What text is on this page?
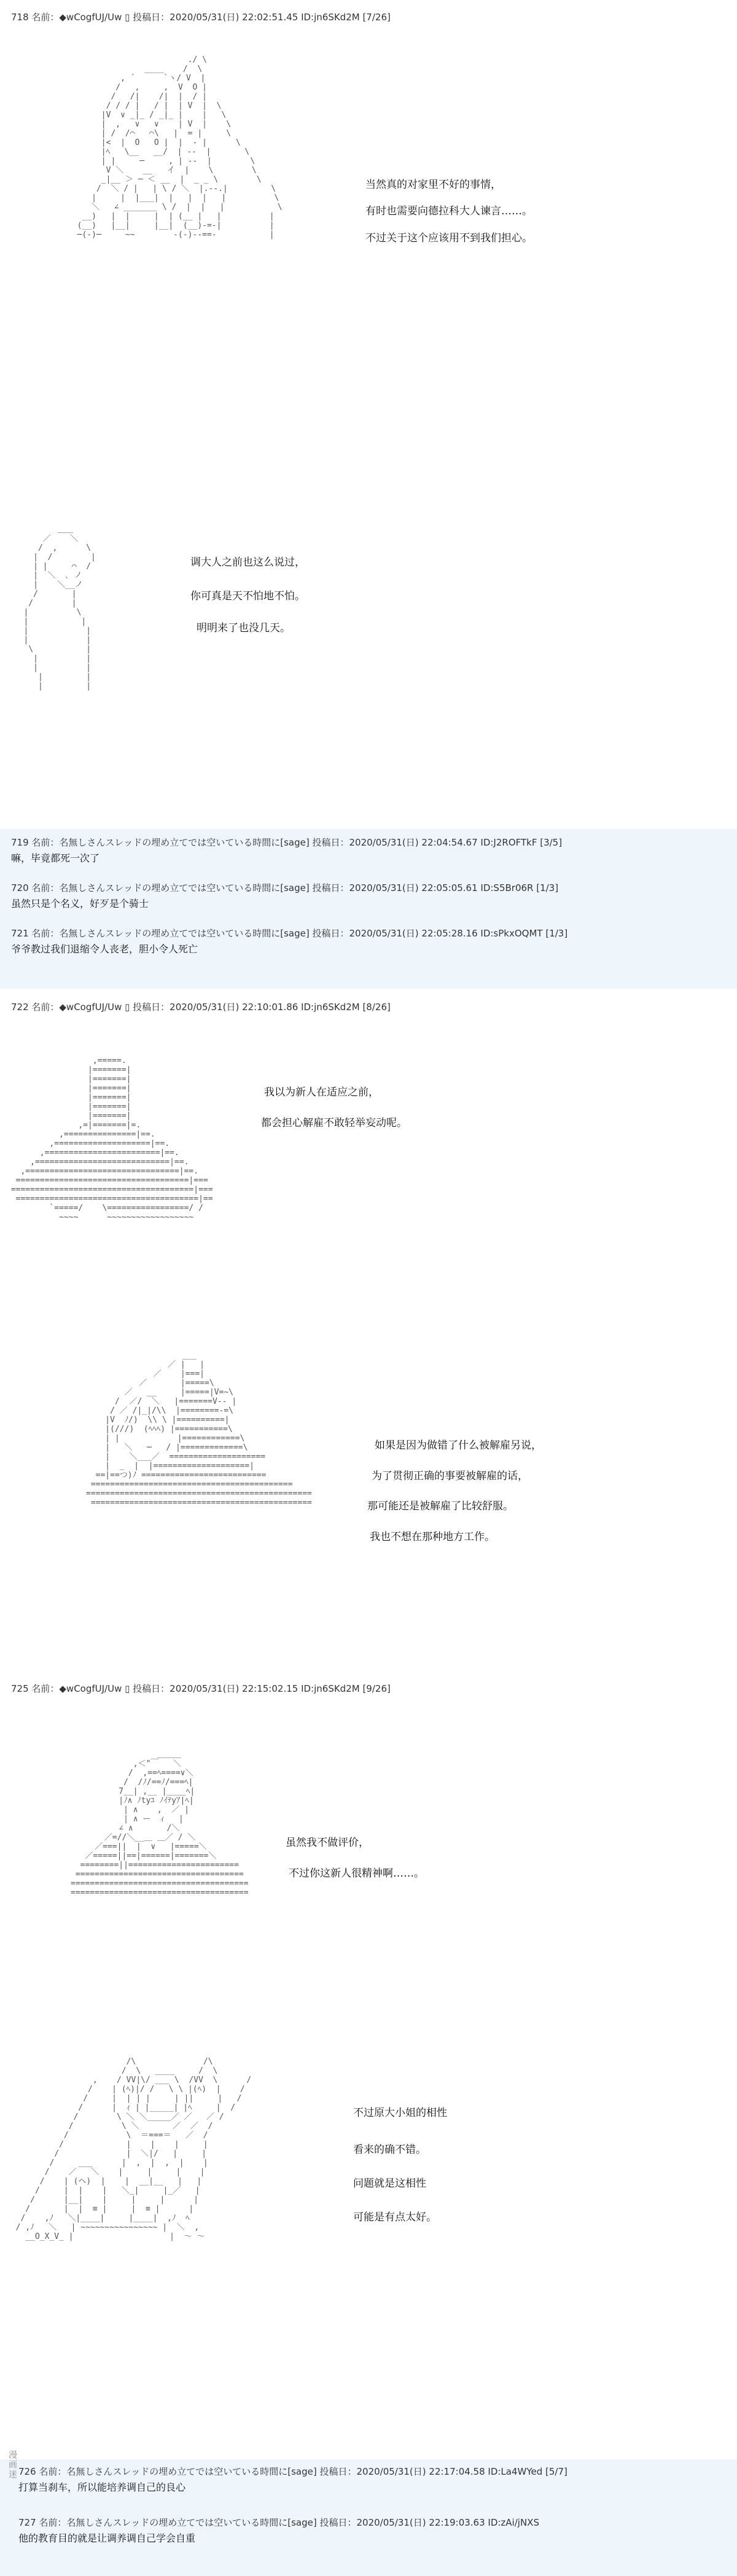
718 名前：◆wCogfUJ/Uw ▯ 投稿日：2020/05/31(日) 22:02:51.45 ID:jn6SKd2M [7/26]
./ \
____    /  \
, ´      `ヽ/ V  |
/   ,     ,  V  O |
/   /|    /|  |  / |
/ / / |   / |  | V  |  \
|V  ∨ _|_ / _|_ |    |   \
|  ,   ∨   ∨    | V  |    \
| /  /⌒   ⌒\   |  = |     \
|<  |  O   O |  |  - |      \
|ﾍ   \__   __/  | --  |       \
| |     ─     , | --  |        \
V ＼    __   イ  |    \        \
_|__ ＞ ─ ＜ __  |  _ _ \        \
/  ＼ / |   | \ / ＼  |.--.|         \
|     |  |___|  |   |  |   |          \
＼   ∠ _______ \ /  |  |   |           \
__)   |  |     |  | (__ |   |          |
(__)   |__|     |__|  (__)-=-|          |
─(-)─     ~~        -(-)--==-           |
当然真的对家里不好的事情，
有时也需要向德拉科大人谏言……。
不过关于这个应该用不到我们担心。
＿＿
／    ＼
/  ,      \
|  /        |
| |     ⌒  /
|  ＼  ､ ノ
|    ＼__ノ
/       |
/        |
|          \
|           |
|            |
|            |
\           |
|          |
|          |
|         |
|         |
调大人之前也这么说过，
你可真是天不怕地不怕。
明明来了也没几天。
719 名前：名無しさんスレッドの埋め立てでは空いている時間に[sage] 投稿日：2020/05/31(日) 22:04:54.67 ID:J2ROFTkF [3/5]
嘛，毕竟都死一次了
720 名前：名無しさんスレッドの埋め立てでは空いている時間に[sage] 投稿日：2020/05/31(日) 22:05:05.61 ID:S5Br06R [1/3]
虽然只是个名义，好歹是个骑士
721 名前：名無しさんスレッドの埋め立てでは空いている時間に[sage] 投稿日：2020/05/31(日) 22:05:28.16 ID:sPkxOQMT [1/3]
爷爷教过我们退缩令人丧老，胆小令人死亡
722 名前：◆wCogfUJ/Uw ▯ 投稿日：2020/05/31(日) 22:10:01.86 ID:jn6SKd2M [8/26]
,=====.
|=======|
|=======|
|=======|
|=======|
|=======|
|=======|
,=|=======|=.
,===============|==.
,====================|==.
,========================|==.
,============================|==.
,================================|==.
====================================|===
======================================|===
======================================|==
`=====/    \=================/ /
~~~~      ~~~~~~~~~~~~~~~~~~
我以为新人在适应之前，
都会担心解雇不敢轻举妄动呢。
___
／ |   |
／    |===|
／       |=====\
／   __     |=====|V=~\
/  ／/  ＼   |=======V-- |
/ ／ /|_|/\\  |========-=\
|V  ﾉ/)  \\ \ |==========|
|(///)  (ﾍﾍﾍ) |===========\
| |            |============\
|   ＼   ─   / |=============\
|    ＼___／  ====================
|  _  |  |====================|
==|==つ)ﾉ ==========================
==========================================
===============================================
==============================================
如果是因为做错了什么被解雇另说，
为了贯彻正确的事要被解雇的话，
那可能还是被解雇了比较舒服。
我也不想在那种地方工作。
725 名前：◆wCogfUJ/Uw ▯ 投稿日：2020/05/31(日) 22:15:02.15 ID:jn6SKd2M [9/26]
＿＿＿
,＜"￣   ＼
/  ,==ﾍ====∨＼
/  /ﾉ/==ﾉ/===ﾍ|
7__| ,__ |____ﾍ|
|ﾉ∧ ﾉtyﾕ ﾉｲﾃyｱ|ﾍ|
| ∧    ,  ／ |
| ∧ ー  ｨ   |
∠ ∧       /＼
／=//＼__＿ ＿／ / ＼
／===||  |  ∨   |=====＼
／=====||==|======|=======＼
========||=======================
===================================
=====================================
=====================================
虽然我不做评价，
不过你这新人很精神啊……。
/\              /\
/  \   ____     /  \
,    / VV|\/ ___ \  /VV  \      /
/    | (ﾍ)|/ /   \ \ |(ﾍ)  |    /
/     |  | | |     | ||     |   /
/      |  ｨ | |_____| |ﾍ     |  /
/        \ ＼ ＼_____／ ／   ／ /
/          \ ＼       ／  ／  /
/            \  ＝===＝   ／  /
/             |    |    |     |
/              |  ＼|/   |     |
/     ___      |  ,  |  ,  |    |
/    ／   ＼    |     |     |    |
/    | (ヘ)  |    |  __|__   |   |
/     |  |    |   ＼_|     |_／   |
/      |__|    |     |     |      |
/       |  |  ≡ |     |  ≡ |      |
/    ,ﾉ   ＼|____|     |____|  ,ﾉ  ﾍ
/ ,ﾉ   ＼   | ~~~~~~~~~~~~~~~~ |  ＼  ,
__O_X_V_ |                    |  ～ ～
不过原大小姐的相性
看来的确不错。
问题就是这相性
可能是有点太好。
726 名前：名無しさんスレッドの埋め立てでは空いている時間に[sage] 投稿日：2020/05/31(日) 22:17:04.58 ID:La4WYed [5/7]
打算当刹车，所以能培养调自己的良心
727 名前：名無しさんスレッドの埋め立てでは空いている時間に[sage] 投稿日：2020/05/31(日) 22:19:03.63 ID:zAi/jNXS
他的教育目的就是让调养调自己学会自重
漫画迷
